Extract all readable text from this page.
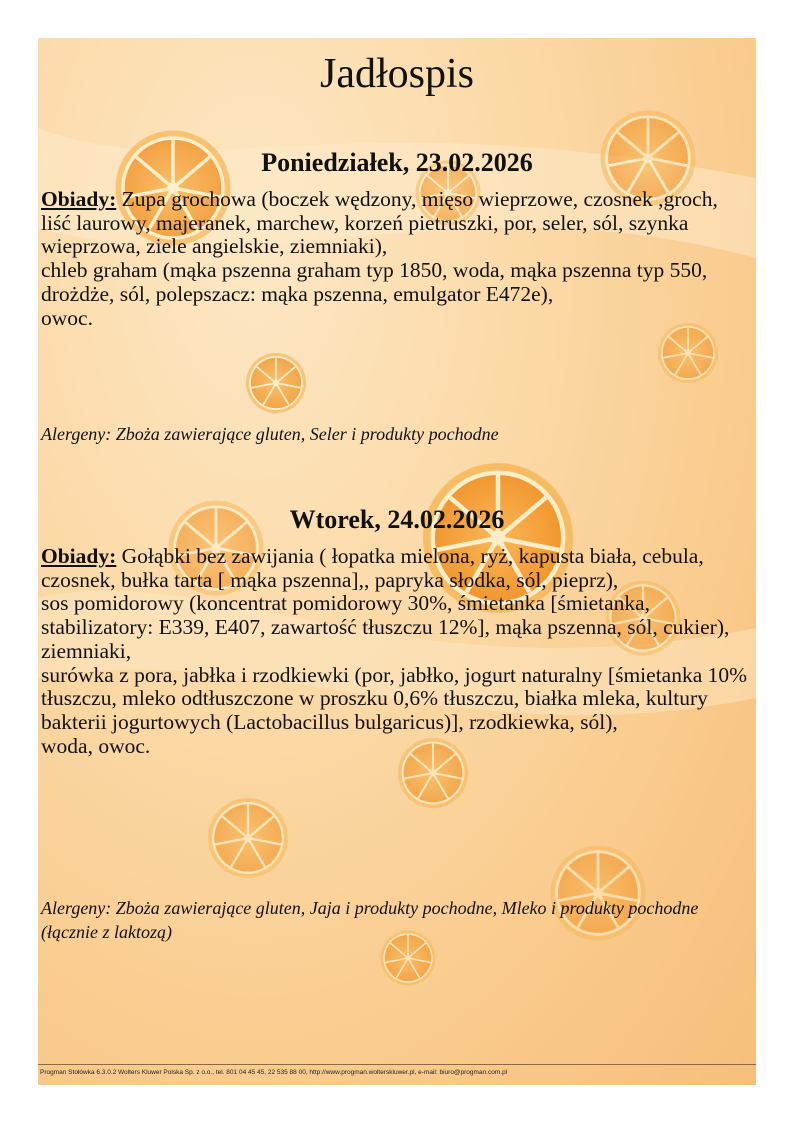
Jadłospis
Poniedziałek, 23.02.2026

Obiady: Zupa grochowa (boczek wędzony, mięso wieprzowe, czosnek ,groch, liść laurowy, majeranek, marchew, korzeń pietruszki, por, seler, sól, szynka wieprzowa, ziele angielskie, ziemniaki),

chleb graham (mąka pszenna graham typ 1850, woda, mąka pszenna typ 550, drożdże, sól, polepszacz: mąka pszenna, emulgator E472e),

owoc.

Alergeny: Zboża zawierające gluten, Seler i produkty pochodne

Wtorek, 24.02.2026

Obiady: Gołąbki bez zawijania ( łopatka mielona, ryż, kapusta biała, cebula, czosnek, bułka tarta [ mąka pszenna],, papryka słodka, sól, pieprz),

sos pomidorowy (koncentrat pomidorowy 30%, śmietanka [śmietanka, stabilizatory: E339, E407, zawartość tłuszczu 12%], mąka pszenna, sól, cukier),

ziemniaki,

surówka z pora, jabłka i rzodkiewki (por, jabłko, jogurt naturalny [śmietanka 10% tłuszczu, mleko odtłuszczone w proszku 0,6% tłuszczu, białka mleka, kultury bakterii jogurtowych (Lactobacillus bulgaricus)], rzodkiewka, sól),

woda, owoc.

Alergeny: Zboża zawierające gluten, Jaja i produkty pochodne, Mleko i produkty pochodne (łącznie z laktozą)

Progman Stołówka 6.3.0.2 Wolters Kluwer Polska Sp. z o.o., tel. 801 04 45 45, 22 535 88 00, http://www.progman.wolterskluwer.pl, e-mail: biuro@progman.com.pl
